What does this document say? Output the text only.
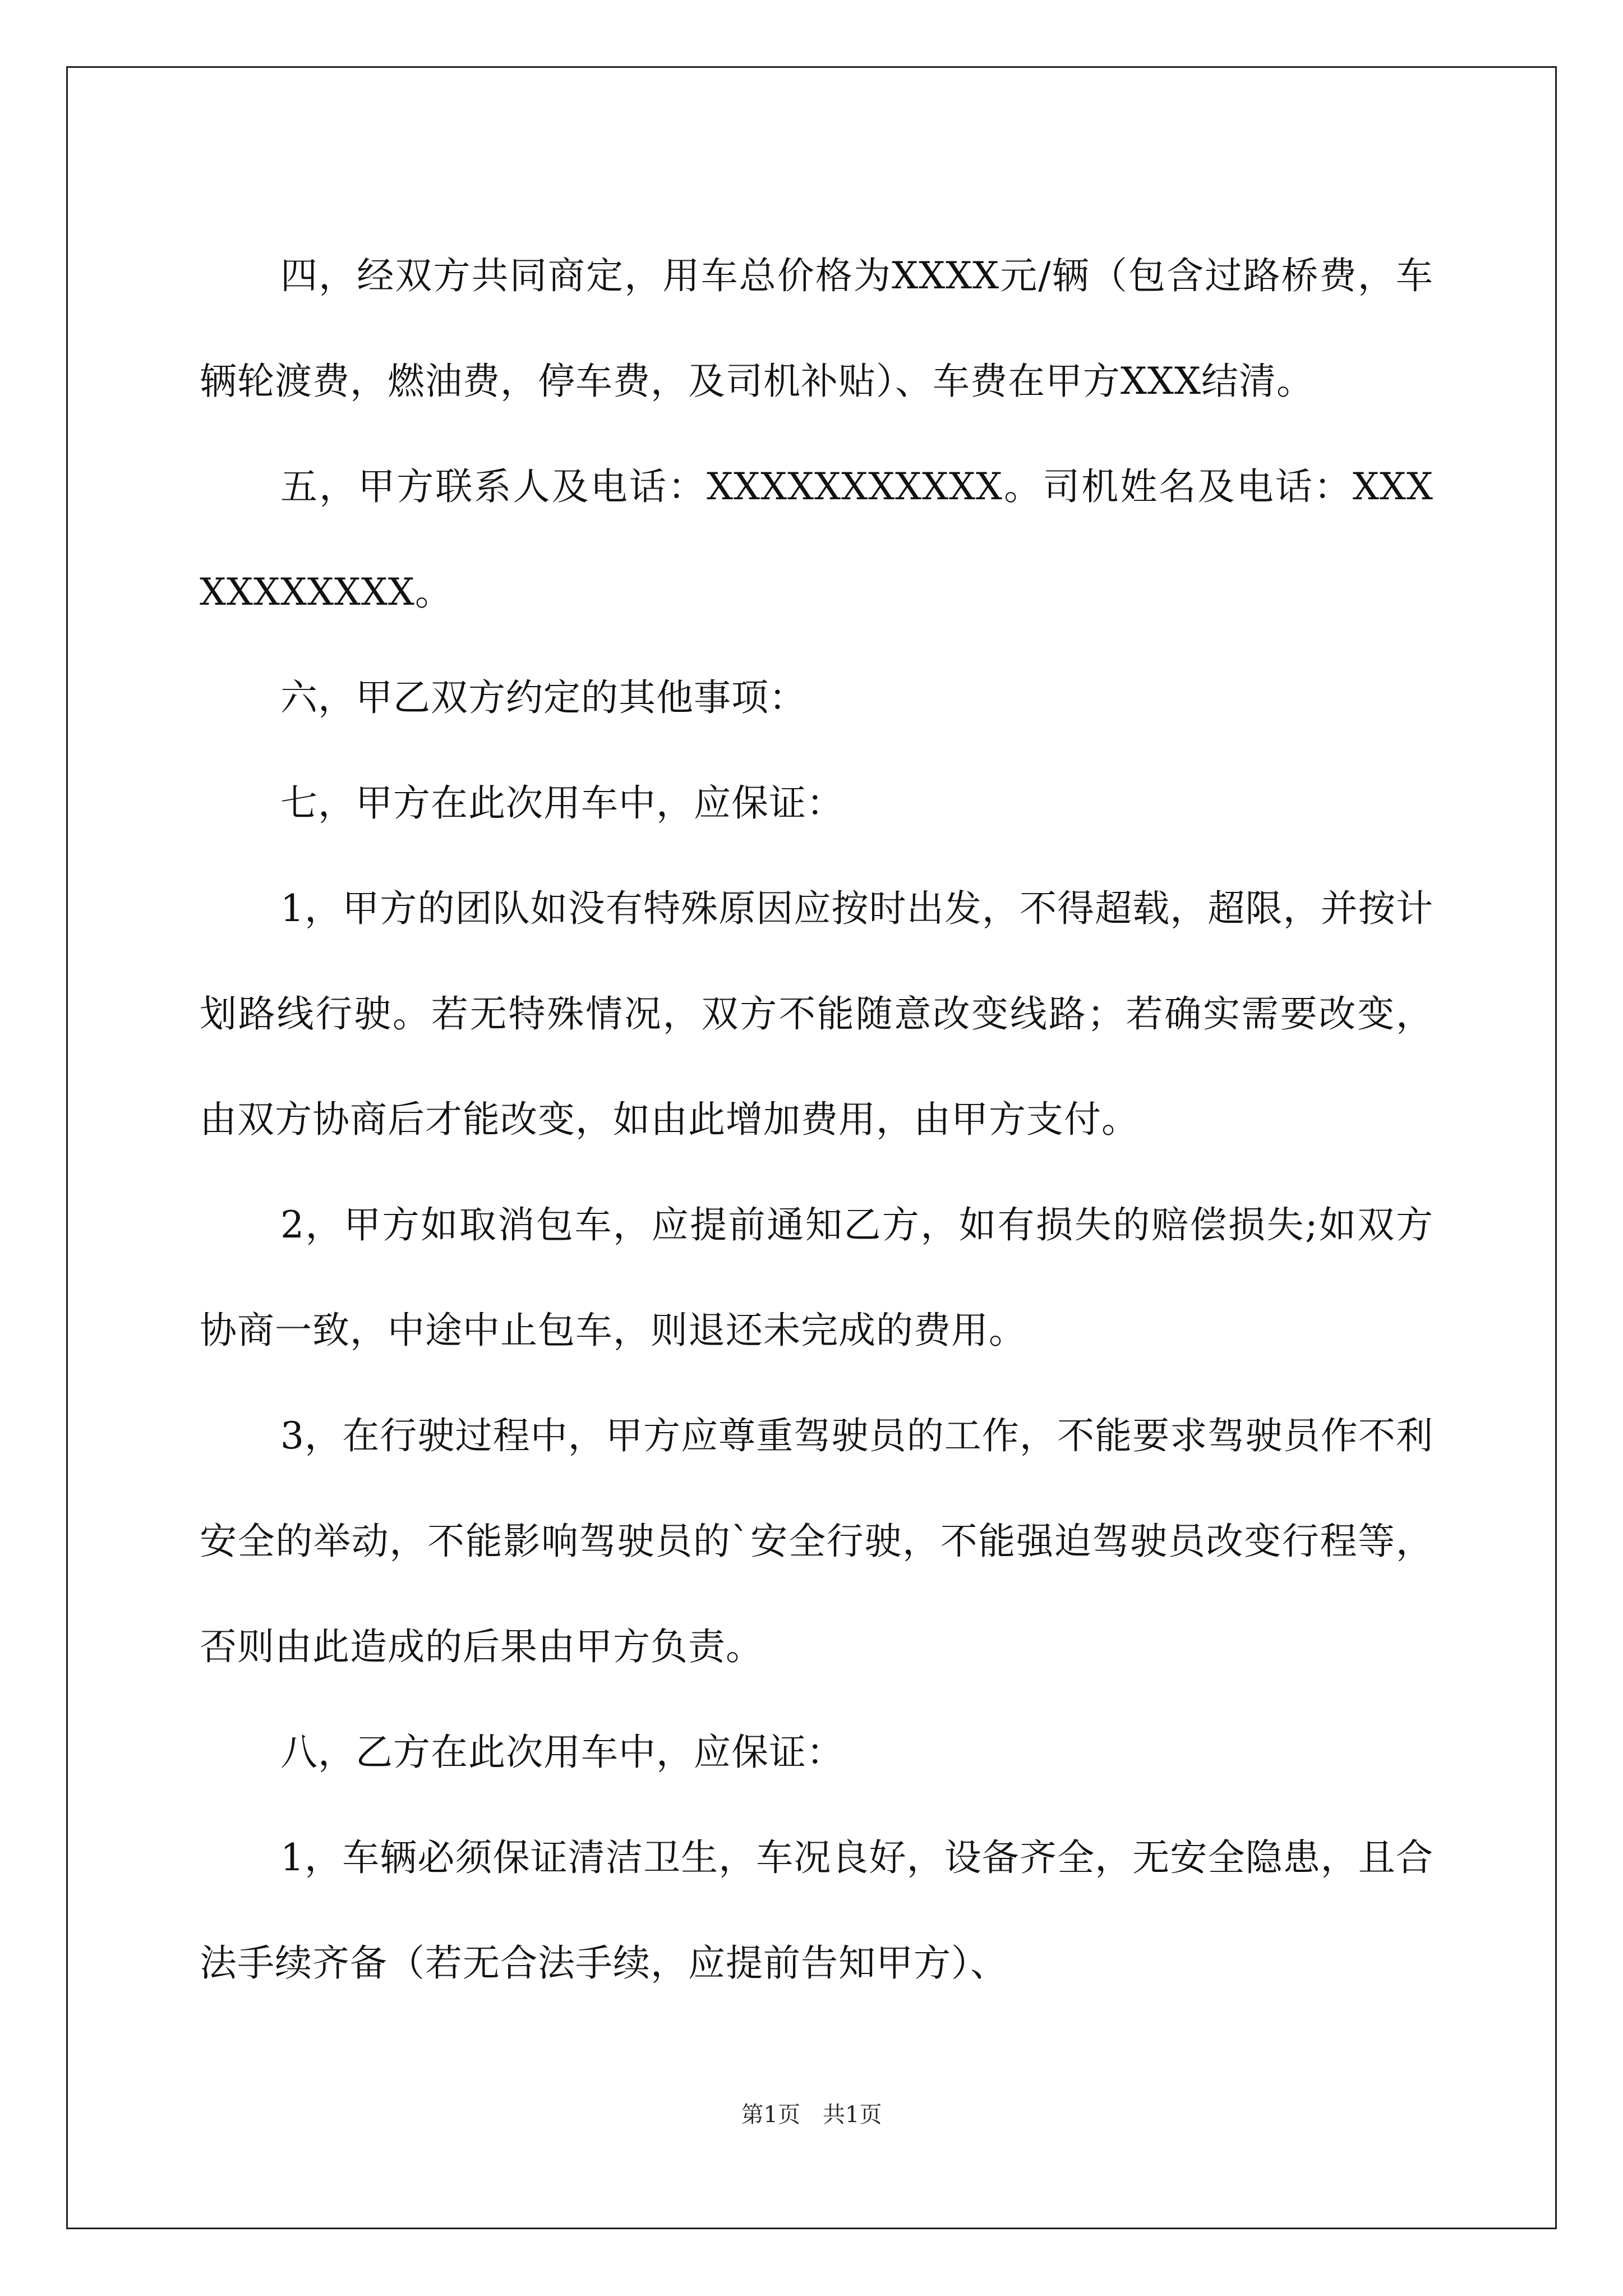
四，经双方共同商定，用车总价格为XXXX元/辆（包含过路桥费，车辆轮渡费，燃油费，停车费，及司机补贴）、车费在甲方XXX结清。

五，甲方联系人及电话：XXXXXXXXXXX。司机姓名及电话：XXXXXXXXXXX。

六，甲乙双方约定的其他事项：

七，甲方在此次用车中，应保证：

1，甲方的团队如没有特殊原因应按时出发，不得超载，超限，并按计划路线行驶。若无特殊情况，双方不能随意改变线路；若确实需要改变，由双方协商后才能改变，如由此增加费用，由甲方支付。

2，甲方如取消包车，应提前通知乙方，如有损失的赔偿损失;如双方协商一致，中途中止包车，则退还未完成的费用。

3，在行驶过程中，甲方应尊重驾驶员的工作，不能要求驾驶员作不利安全的举动，不能影响驾驶员的`安全行驶，不能强迫驾驶员改变行程等，否则由此造成的后果由甲方负责。

八，乙方在此次用车中，应保证：

1，车辆必须保证清洁卫生，车况良好，设备齐全，无安全隐患，且合法手续齐备（若无合法手续，应提前告知甲方）、

第1页　共1页
